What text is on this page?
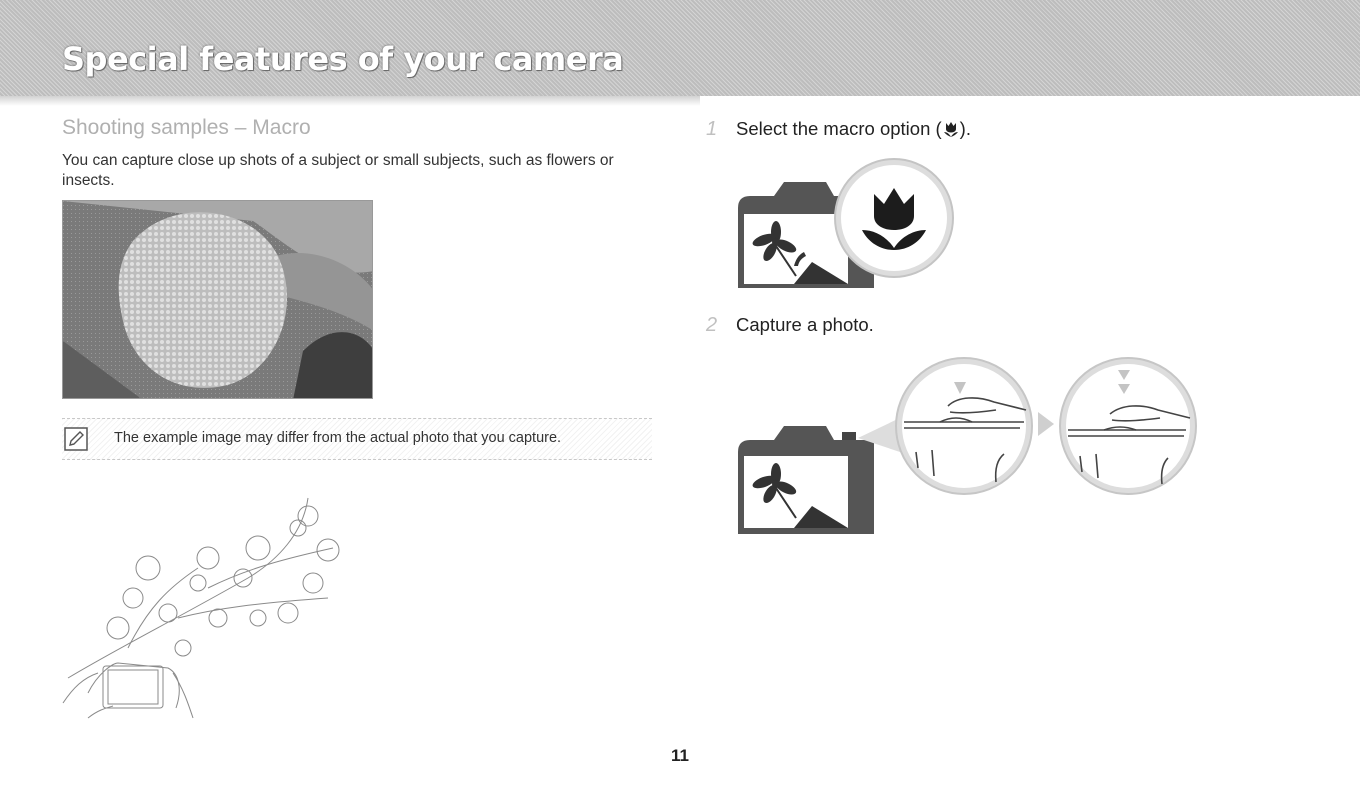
Special features of your camera
Shooting samples – Macro

You can capture close up shots of a subject or small subjects, such as flowers or insects.

The example image may differ from the actual photo that you capture.
1 Select the macro option ( ).
2 Capture a photo.
11
